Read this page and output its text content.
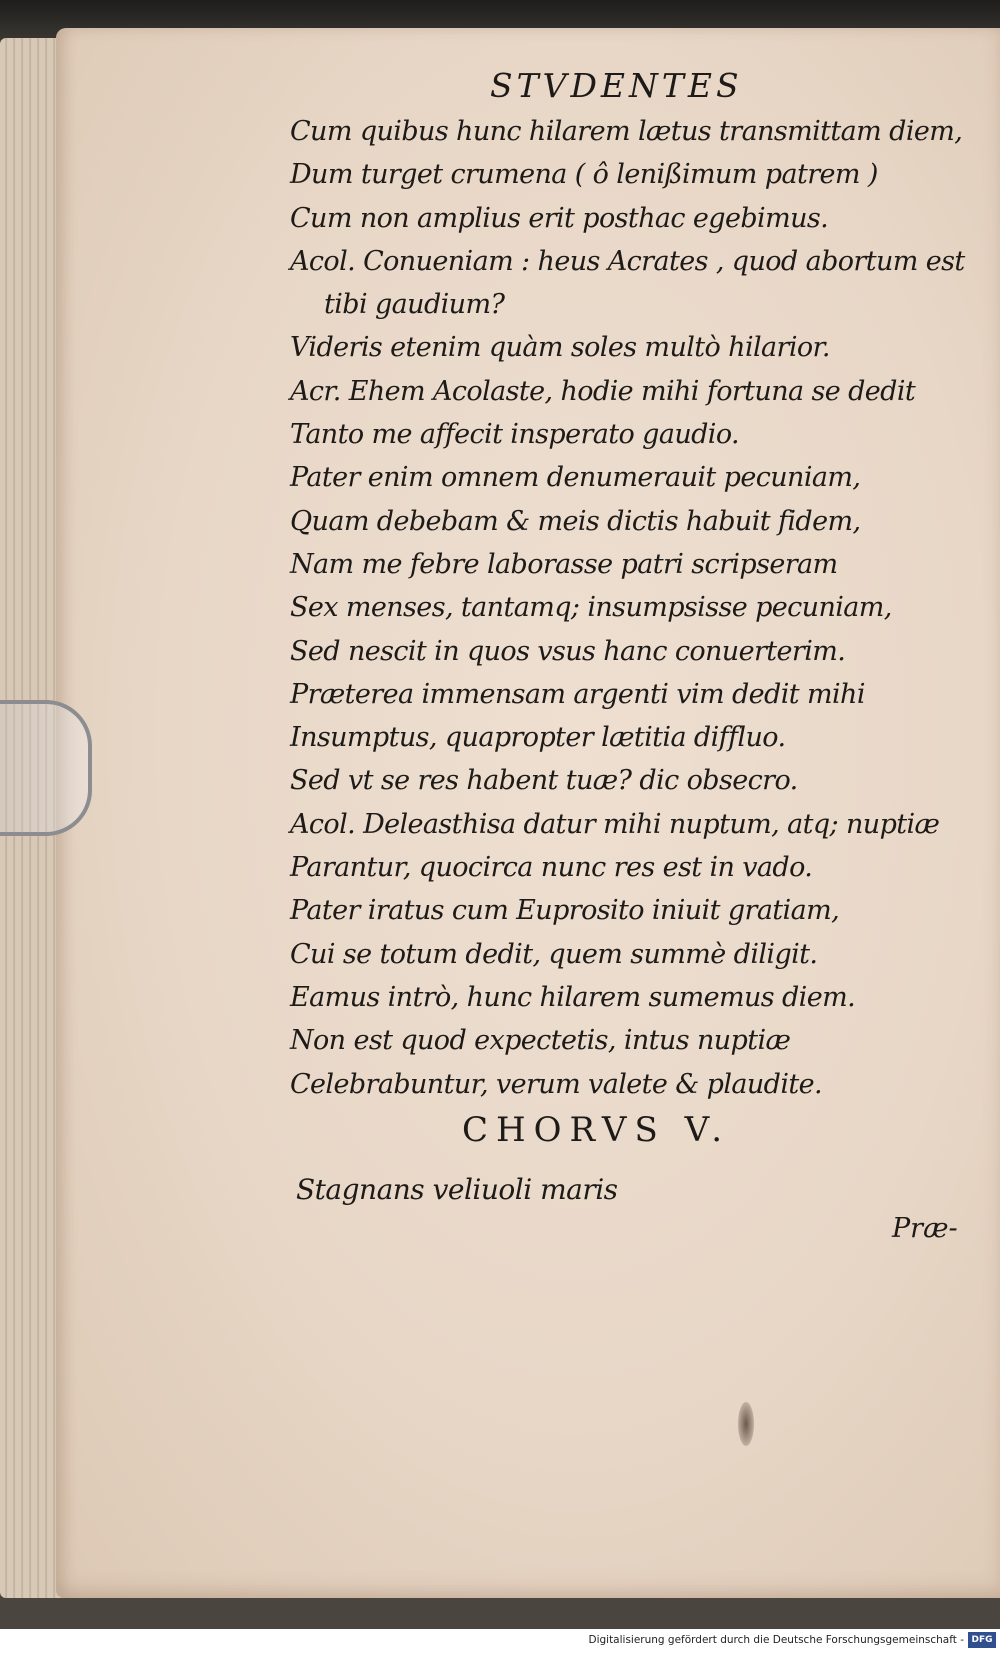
STVDENTES
Cum quibus hunc hilarem lætus transmittam diem,
Dum turget crumena ( ô lenißimum patrem )
Cum non amplius erit posthac egebimus.
Acol. Conueniam : heus Acrates , quod abortum est
tibi gaudium?
Videris etenim quàm soles multò hilarior.
Acr. Ehem Acolaste, hodie mihi fortuna se dedit
Tanto me affecit insperato gaudio.
Pater enim omnem denumerauit pecuniam,
Quam debebam & meis dictis habuit fidem,
Nam me febre laborasse patri scripseram
Sex menses, tantamq; insumpsisse pecuniam,
Sed nescit in quos vsus hanc conuerterim.
Præterea immensam argenti vim dedit mihi
Insumptus, quapropter lætitia diffluo.
Sed vt se res habent tuæ? dic obsecro.
Acol. Deleasthisa datur mihi nuptum, atq; nuptiæ
Parantur, quocirca nunc res est in vado.
Pater iratus cum Euprosito iniuit gratiam,
Cui se totum dedit, quem summè diligit.
Eamus intrò, hunc hilarem sumemus diem.
Non est quod expectetis, intus nuptiæ
Celebrabuntur, verum valete & plaudite.
CHORVS V.
Stagnans veliuoli maris
Præ-
Digitalisierung gefördert durch die Deutsche Forschungsgemeinschaft - DFG
